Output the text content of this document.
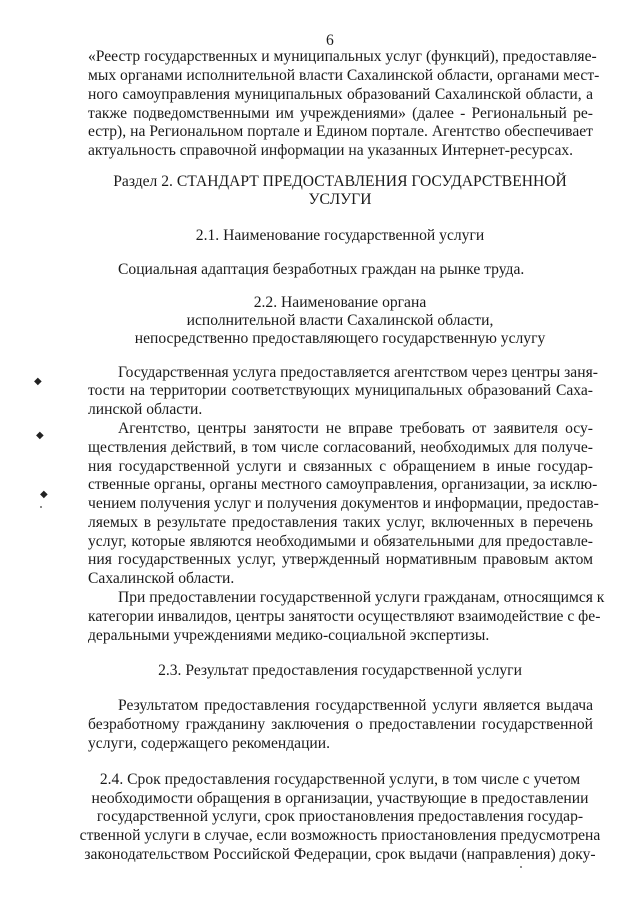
6
«Реестр государственных и муниципальных услуг (функций), предоставляе-
мых органами исполнительной власти Сахалинской области, органами мест-
ного самоуправления муниципальных образований Сахалинской области, а
также подведомственными им учреждениями» (далее - Региональный ре-
естр), на Региональном портале и Едином портале. Агентство обеспечивает
актуальность справочной информации на указанных Интернет-ресурсах.
Раздел 2. СТАНДАРТ ПРЕДОСТАВЛЕНИЯ ГОСУДАРСТВЕННОЙ
УСЛУГИ
2.1. Наименование государственной услуги
Социальная адаптация безработных граждан на рынке труда.
2.2. Наименование органа
исполнительной власти Сахалинской области,
непосредственно предоставляющего государственную услугу
Государственная услуга предоставляется агентством через центры заня-
тости на территории соответствующих муниципальных образований Саха-
линской области.
Агентство, центры занятости не вправе требовать от заявителя осу-
ществления действий, в том числе согласований, необходимых для получе-
ния государственной услуги и связанных с обращением в иные государ-
ственные органы, органы местного самоуправления, организации, за исклю-
чением получения услуг и получения документов и информации, предостав-
ляемых в результате предоставления таких услуг, включенных в перечень
услуг, которые являются необходимыми и обязательными для предоставле-
ния государственных услуг, утвержденный нормативным правовым актом
Сахалинской области.
При предоставлении государственной услуги гражданам, относящимся к
категории инвалидов, центры занятости осуществляют взаимодействие с фе-
деральными учреждениями медико-социальной экспертизы.
2.3. Результат предоставления государственной услуги
Результатом предоставления государственной услуги является выдача
безработному гражданину заключения о предоставлении государственной
услуги, содержащего рекомендации.
2.4. Срок предоставления государственной услуги, в том числе с учетом
необходимости обращения в организации, участвующие в предоставлении
государственной услуги, срок приостановления предоставления государ-
ственной услуги в случае, если возможность приостановления предусмотрена
законодательством Российской Федерации, срок выдачи (направления) доку-
◆
◆
◆
